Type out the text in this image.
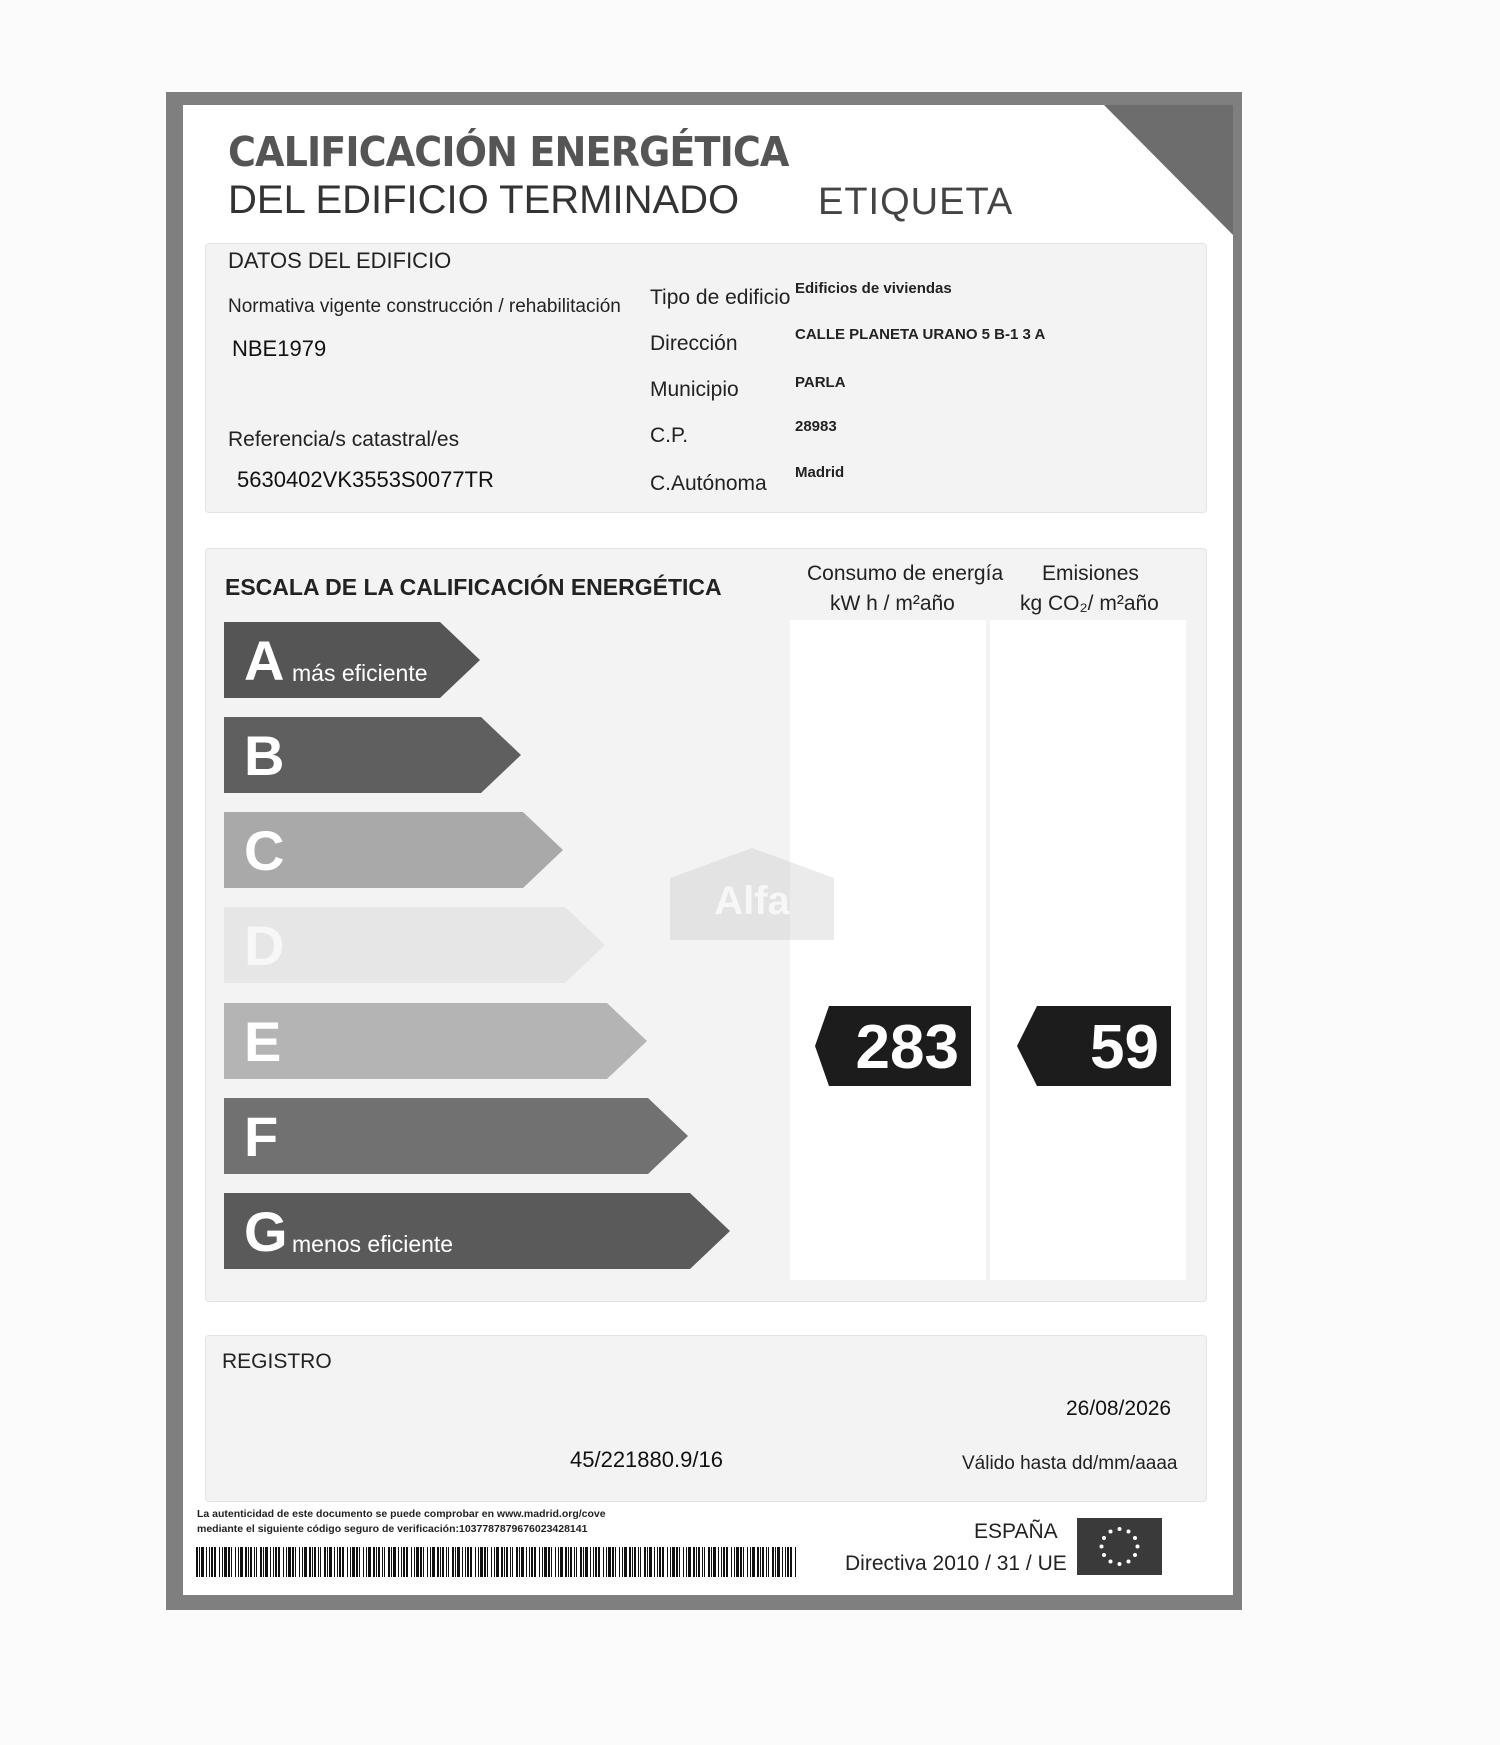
CALIFICACIÓN ENERGÉTICA
DEL EDIFICIO TERMINADO ETIQUETA
DATOS DEL EDIFICIO
Normativa vigente construcción / rehabilitación
NBE1979
Referencia/s catastral/es
5630402VK3553S0077TR
Tipo de edificio
Dirección
Municipio
C.P.
C.Autónoma
Edificios de viviendas
CALLE PLANETA URANO 5 B-1 3 A
PARLA
28983
Madrid
ESCALA DE LA CALIFICACIÓN ENERGÉTICA
Consumo de energía
kW h / m²año
Emisiones
kg CO₂/ m²año
A más eficiente
B
C
D
E
F
G menos eficiente
283 59
Alfa
REGISTRO
26/08/2026
45/221880.9/16	Válido hasta dd/mm/aaaa
La autenticidad de este documento se puede comprobar en www.madrid.org/cove
mediante el siguiente código seguro de verificación:1037787879676023428141	ESPAÑA
Directiva 2010 / 31 / UE
